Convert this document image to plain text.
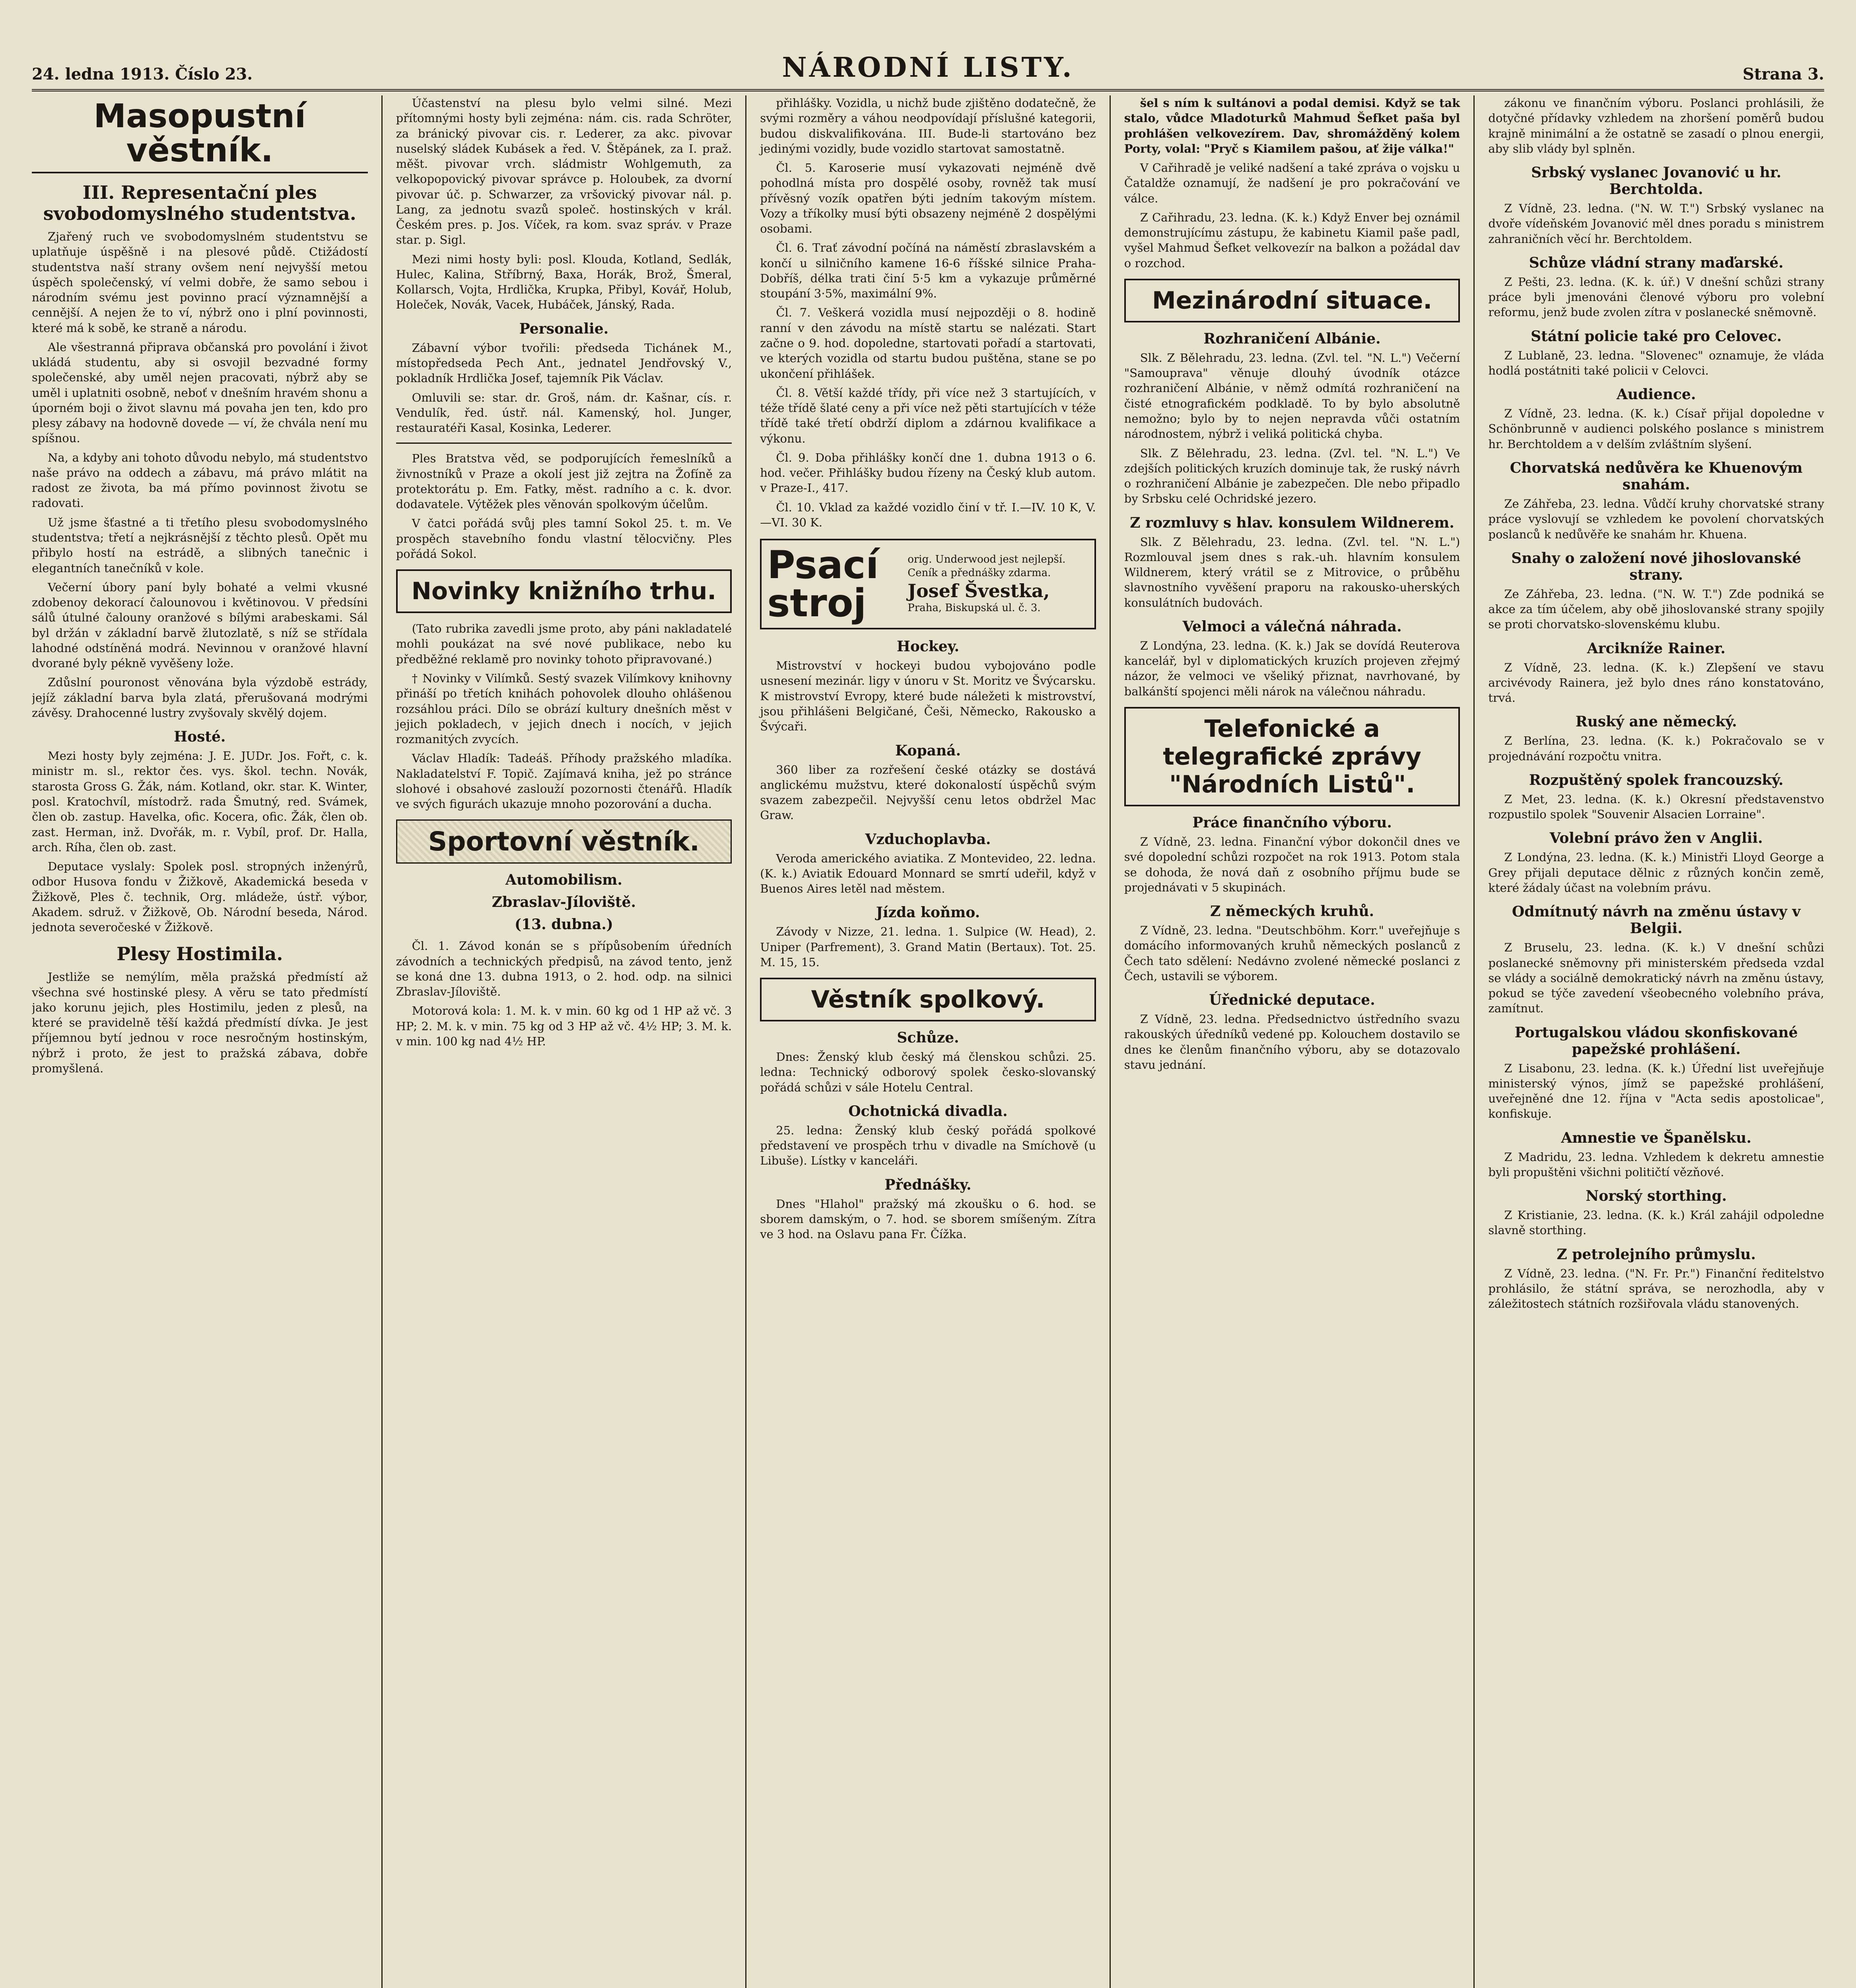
24. ledna 1913. Číslo 23.	NÁRODNÍ LISTY.	Strana 3.
Masopustní věstník.
III. Representační ples svobodomyslného studentstva.

Zjařený ruch ve svobodomyslném studentstvu se uplatňuje úspěšně i na plesové půdě. Ctižádostí studentstva naší strany ovšem není nejvyšší metou úspěch společenský, ví velmi dobře, že samo sebou i národním svému jest povinno prací významnější a cennější. A nejen že to ví, nýbrž ono i plní povinnosti, které má k sobě, ke straně a národu.

Ale všestranná připrava občanská pro povolání i život ukládá studentu, aby si osvojil bezvadné formy společenské, aby uměl nejen pracovati, nýbrž aby se uměl i uplatniti osobně, neboť v dnešním hravém shonu a úporném boji o život slavnu má povaha jen ten, kdo pro plesy zábavy na hodovně dovede — ví, že chvála není mu spíšnou.

Na, a kdyby ani tohoto důvodu nebylo, má studentstvo naše právo na oddech a zábavu, má právo mlátit na radost ze života, ba má přímo povinnost životu se radovati.

Už jsme šťastné a ti třetího plesu svobodomyslného studentstva; třetí a nejkrásnější z těchto plesů. Opět mu přibylo hostí na estrádě, a slibných tanečnic i elegantních tanečníků v kole.

Večerní úbory paní byly bohaté a velmi vkusné zdobenoy dekorací čalounovou i květinovou. V předsíni sálů útulné čalouny oranžové s bílými arabeskami. Sál byl držán v základní barvě žlutozlatě, s níž se střídala lahodné odstíněná modrá. Nevinnou v oranžové hlavní dvorané byly pékně vyvěšeny lože.

Zdůslní pouronost věnována byla výzdobě estrády, jejíž základní barva byla zlatá, přerušovaná modrými závěsy. Drahocenné lustry zvyšovaly skvělý dojem.

Hosté.

Mezi hosty byly zejména: J. E. JUDr. Jos. Fořt, c. k. ministr m. sl., rektor čes. vys. škol. techn. Novák, starosta Gross G. Žák, nám. Kotland, okr. star. K. Winter, posl. Kratochvíl, místodrž. rada Šmutný, red. Svámek, člen ob. zastup. Havelka, ofic. Kocera, ofic. Žák, člen ob. zast. Herman, inž. Dvořák, m. r. Vybíl, prof. Dr. Halla, arch. Ríha, člen ob. zast.

Deputace vyslaly: Spolek posl. stropných inženýrů, odbor Husova fondu v Žižkově, Akademická beseda v Žižkově, Ples č. technik, Org. mládeže, ústř. výbor, Akadem. sdruž. v Žižkově, Ob. Národní beseda, Národ. jednota severočeské v Žižkově.

Plesy Hostimila.

Jestliže se nemýlím, měla pražská předmístí až všechna své hostinské plesy. A věru se tato předmístí jako korunu jejich, ples Hostimilu, jeden z plesů, na které se pravidelně těší každá předmístí dívka. Je jest příjemnou bytí jednou v roce nesročným hostinským, nýbrž i proto, že jest to pražská zábava, dobře promyšlená.

Účastenství na plesu bylo velmi silné. Mezi přítomnými hosty byli zejména: nám. cis. rada Schröter, za bránický pivovar cis. r. Lederer, za akc. pivovar nuselský sládek Kubásek a řed. V. Štěpánek, za I. praž. měšt. pivovar vrch. sládmistr Wohlgemuth, za velkopopovický pivovar správce p. Holoubek, za dvorní pivovar úč. p. Schwarzer, za vršovický pivovar nál. p. Lang, za jednotu svazů společ. hostinských v král. Českém pres. p. Jos. Víček, ra kom. svaz správ. v Praze star. p. Sigl.

Mezi nimi hosty byli: posl. Klouda, Kotland, Sedlák, Hulec, Kalina, Stříbrný, Baxa, Horák, Brož, Šmeral, Kollarsch, Vojta, Hrdlička, Krupka, Přibyl, Kovář, Holub, Holeček, Novák, Vacek, Hubáček, Jánský, Rada.

Personalie.

Zábavní výbor tvořili: předseda Tichánek M., místopředseda Pech Ant., jednatel Jendřovský V., pokladník Hrdlička Josef, tajemník Pik Václav.

Omluvili se: star. dr. Groš, nám. dr. Kašnar, cís. r. Vendulík, řed. ústř. nál. Kamenský, hol. Junger, restauratéři Kasal, Kosinka, Lederer.

Ples Bratstva věd, se podporujících řemeslníků a živnostníků v Praze a okolí jest již zejtra na Žofíně za protektorátu p. Em. Fatky, měst. radního a c. k. dvor. dodavatele. Výtěžek ples věnován spolkovým účelům.

V čatci pořádá svůj ples tamní Sokol 25. t. m. Ve prospěch stavebního fondu vlastní tělocvičny. Ples pořádá Sokol.

Novinky knižního trhu.

(Tato rubrika zavedli jsme proto, aby páni nakladatelé mohli poukázat na své nové publikace, nebo ku předběžné reklamě pro novinky tohoto připravované.)

† Novinky v Vilímků. Sestý svazek Vilímkovy knihovny přináší po třetích knihách pohovolek dlouho ohlášenou rozsáhlou práci. Dílo se obrází kultury dnešních měst v jejich pokladech, v jejich dnech i nocích, v jejich rozmanitých zvycích.

Václav Hladík: Tadeáš. Příhody pražského mladíka. Nakladatelství F. Topič. Zajímavá kniha, jež po stránce slohové i obsahové zaslouží pozornosti čtenářů. Hladík ve svých figurách ukazuje mnoho pozorování a ducha.

Sportovní věstník.
Automobilism.
Zbraslav-Jíloviště.
(13. dubna.)

Čl. 1. Závod konán se s přípůsobením úředních závodních a technických předpisů, na závod tento, jenž se koná dne 13. dubna 1913, o 2. hod. odp. na silnici Zbraslav-Jíloviště.

Motorová kola: 1. M. k. v min. 60 kg od 1 HP až vč. 3 HP; 2. M. k. v min. 75 kg od 3 HP až vč. 4½ HP; 3. M. k. v min. 100 kg nad 4½ HP.

přihlášky. Vozidla, u nichž bude zjištěno dodatečně, že svými rozměry a váhou neodpovídají příslušné kategorii, budou diskvalifikována. III. Bude-li startováno bez jedinými vozidly, bude vozidlo startovat samostatně.

Čl. 5. Karoserie musí vykazovati nejméně dvě pohodlná místa pro dospělé osoby, rovněž tak musí přívěsný vozík opatřen býti jedním takovým místem. Vozy a tříkolky musí býti obsazeny nejméně 2 dospělými osobami.

Čl. 6. Trať závodní počíná na náměstí zbraslavském a končí u silničního kamene 16-6 říšské silnice Praha-Dobříš, délka trati činí 5·5 km a vykazuje průměrné stoupání 3·5%, maximální 9%.

Čl. 7. Veškerá vozidla musí nejpozději o 8. hodině ranní v den závodu na místě startu se nalézati. Start začne o 9. hod. dopoledne, startovati pořadí a startovati, ve kterých vozidla od startu budou puštěna, stane se po ukončení přihlášek.

Čl. 8. Větší každé třídy, při více než 3 startujících, v téže třídě šlaté ceny a při více než pěti startujících v téže třídě také třetí obdrží diplom a zdárnou kvalifikace a výkonu.

Čl. 9. Doba přihlášky končí dne 1. dubna 1913 o 6. hod. večer. Přihlášky budou řízeny na Český klub autom. v Praze-I., 417.

Čl. 10. Vklad za každé vozidlo činí v tř. I.—IV. 10 K, V.—VI. 30 K.

Psací stroj
orig. Underwood jest nejlepší. Ceník a přednášky zdarma.
Josef Švestka,
Praha, Biskupská ul. č. 3.
Hockey.

Mistrovství v hockeyi budou vybojováno podle usnesení mezinár. ligy v únoru v St. Moritz ve Švýcarsku. K mistrovství Evropy, které bude náležeti k mistrovství, jsou přihlášeni Belgičané, Češi, Německo, Rakousko a Švýcaři.

Kopaná.

360 liber za rozřešení české otázky se dostává anglickému mužstvu, které dokonalostí úspěchů svým svazem zabezpečil. Nejvyšší cenu letos obdržel Mac Graw.

Vzduchoplavba.

Veroda amerického aviatika. Z Montevideo, 22. ledna. (K. k.) Aviatik Edouard Monnard se smrtí udeřil, když v Buenos Aires letěl nad městem.

Jízda koňmo.

Závody v Nizze, 21. ledna. 1. Sulpice (W. Head), 2. Uniper (Parfrement), 3. Grand Matin (Bertaux). Tot. 25. M. 15, 15.

Věstník spolkový.
Schůze.

Dnes: Ženský klub český má členskou schůzi. 25. ledna: Technický odborový spolek česko-slovanský pořádá schůzi v sále Hotelu Central.

Ochotnická divadla.

25. ledna: Ženský klub český pořádá spolkové představení ve prospěch trhu v divadle na Smíchově (u Libuše). Lístky v kanceláři.

Přednášky.

Dnes "Hlahol" pražský má zkoušku o 6. hod. se sborem damským, o 7. hod. se sborem smíšeným. Zítra ve 3 hod. na Oslavu pana Fr. Čížka.

šel s ním k sultánovi a podal demisi. Když se tak stalo, vůdce Mladoturků Mahmud Šefket paša byl prohlášen velkovezírem. Dav, shromážděný kolem Porty, volal: "Pryč s Kiamilem pašou, ať žije válka!"

V Cařihradě je veliké nadšení a také zpráva o vojsku u Čataldže oznamují, že nadšení je pro pokračování ve válce.

Z Cařihradu, 23. ledna. (K. k.) Když Enver bej oznámil demonstrujícímu zástupu, že kabinetu Kiamil paše padl, vyšel Mahmud Šefket velkovezír na balkon a požádal dav o rozchod.

Mezinárodní situace.
Rozhraničení Albánie.

Slk. Z Bělehradu, 23. ledna. (Zvl. tel. "N. L.") Večerní "Samouprava" věnuje dlouhý úvodník otázce rozhraničení Albánie, v němž odmítá rozhraničení na čisté etnografickém podkladě. To by bylo absolutně nemožno; bylo by to nejen nepravda vůči ostatním národnostem, nýbrž i veliká politická chyba.

Slk. Z Bělehradu, 23. ledna. (Zvl. tel. "N. L.") Ve zdejších politických kruzích dominuje tak, že ruský návrh o rozhraničení Albánie je zabezpečen. Dle nebo připadlo by Srbsku celé Ochridské jezero.

Z rozmluvy s hlav. konsulem Wildnerem.

Slk. Z Bělehradu, 23. ledna. (Zvl. tel. "N. L.") Rozmlouval jsem dnes s rak.-uh. hlavním konsulem Wildnerem, který vrátil se z Mitrovice, o průběhu slavnostního vyvěšení praporu na rakousko-uherských konsulátních budovách.

Velmoci a válečná náhrada.

Z Londýna, 23. ledna. (K. k.) Jak se dovídá Reuterova kancelář, byl v diplomatických kruzích projeven zřejmý názor, že velmoci ve všeliký přiznat, navrhované, by balkánští spojenci měli nárok na válečnou náhradu.

Telefonické a telegrafické zprávy "Národních Listů".
Práce finančního výboru.

Z Vídně, 23. ledna. Finanční výbor dokončil dnes ve své dopolední schůzi rozpočet na rok 1913. Potom stala se dohoda, že nová daň z osobního příjmu bude se projednávati v 5 skupinách.

Z německých kruhů.

Z Vídně, 23. ledna. "Deutschböhm. Korr." uveřejňuje s domácího informovaných kruhů německých poslanců z Čech tato sdělení: Nedávno zvolené německé poslanci z Čech, ustavili se výborem.

Úřednické deputace.

Z Vídně, 23. ledna. Předsednictvo ústředního svazu rakouských úředníků vedené pp. Kolouchem dostavilo se dnes ke členům finančního výboru, aby se dotazovalo stavu jednání.

zákonu ve finančním výboru. Poslanci prohlásili, že dotyčné přídavky vzhledem na zhoršení poměrů budou krajně minimální a že ostatně se zasadí o plnou energii, aby slib vlády byl splněn.

Srbský vyslanec Jovanović u hr. Berchtolda.

Z Vídně, 23. ledna. ("N. W. T.") Srbský vyslanec na dvoře vídeňském Jovanović měl dnes poradu s ministrem zahraničních věcí hr. Berchtoldem.

Schůze vládní strany maďarské.

Z Pešti, 23. ledna. (K. k. úř.) V dnešní schůzi strany práce byli jmenováni členové výboru pro volební reformu, jenž bude zvolen zítra v poslanecké sněmovně.

Státní policie také pro Celovec.

Z Lublaně, 23. ledna. "Slovenec" oznamuje, že vláda hodlá postátniti také policii v Celovci.

Audience.

Z Vídně, 23. ledna. (K. k.) Císař přijal dopoledne v Schönbrunně v audienci polského poslance s ministrem hr. Berchtoldem a v delším zvláštním slyšení.

Chorvatská nedůvěra ke Khuenovým snahám.

Ze Záhřeba, 23. ledna. Vůdčí kruhy chorvatské strany práce vyslovují se vzhledem ke povolení chorvatských poslanců k nedůvěře ke snahám hr. Khuena.

Snahy o založení nové jihoslovanské strany.

Ze Záhřeba, 23. ledna. ("N. W. T.") Zde podniká se akce za tím účelem, aby obě jihoslovanské strany spojily se proti chorvatsko-slovenskému klubu.

Arcikníže Rainer.

Z Vídně, 23. ledna. (K. k.) Zlepšení ve stavu arcivévody Rainera, jež bylo dnes ráno konstatováno, trvá.

Ruský ane německý.

Z Berlína, 23. ledna. (K. k.) Pokračovalo se v projednávání rozpočtu vnitra.

Rozpuštěný spolek francouzský.

Z Met, 23. ledna. (K. k.) Okresní představenstvo rozpustilo spolek "Souvenir Alsacien Lorraine".

Volební právo žen v Anglii.

Z Londýna, 23. ledna. (K. k.) Ministři Lloyd George a Grey přijali deputace dělnic z různých končin země, které žádaly účast na volebním právu.

Odmítnutý návrh na změnu ústavy v Belgii.

Z Bruselu, 23. ledna. (K. k.) V dnešní schůzi poslanecké sněmovny při ministerském předseda vzdal se vlády a sociálně demokratický návrh na změnu ústavy, pokud se týče zavedení všeobecného volebního práva, zamítnut.

Portugalskou vládou skonfiskované papežské prohlášení.

Z Lisabonu, 23. ledna. (K. k.) Úřední list uveřejňuje ministerský výnos, jímž se papežské prohlášení, uveřejněné dne 12. října v "Acta sedis apostolicae", konfiskuje.

Amnestie ve Španělsku.

Z Madridu, 23. ledna. Vzhledem k dekretu amnestie byli propuštěni všichni političtí vězňové.

Norský storthing.

Z Kristianie, 23. ledna. (K. k.) Král zahájil odpoledne slavně storthing.

Z petrolejního průmyslu.

Z Vídně, 23. ledna. ("N. Fr. Pr.") Finanční ředitelstvo prohlásilo, že státní správa, se nerozhodla, aby v záležitostech státních rozšiřovala vládu stanovených.
